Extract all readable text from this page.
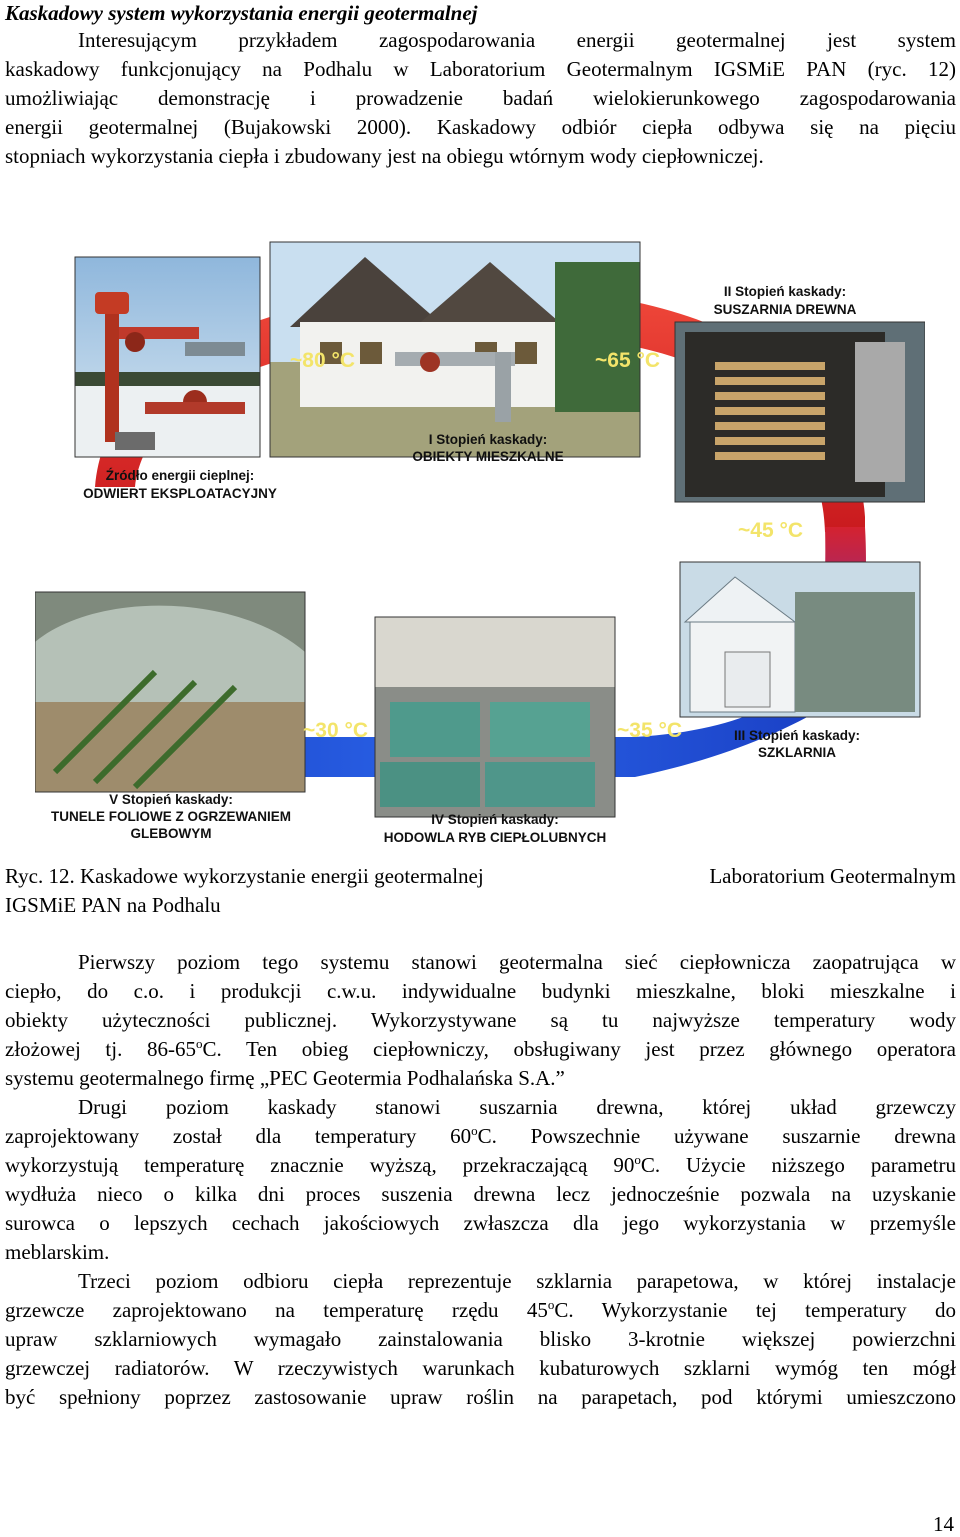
Kaskadowy system wykorzystania energii geotermalnej
Interesującym przykładem zagospodarowania energii geotermalnej jest system
kaskadowy funkcjonujący na Podhalu w Laboratorium Geotermalnym IGSMiE PAN (ryc. 12)
umożliwiając demonstrację i prowadzenie badań wielokierunkowego zagospodarowania
energii geotermalnej (Bujakowski 2000). Kaskadowy odbiór ciepła odbywa się na pięciu
stopniach wykorzystania ciepła i zbudowany jest na obiegu wtórnym wody ciepłowniczej.
~80 °C	~65 °C
~45 °C
~35 °C
~30 °C
Źródło energii cieplnej:
ODWIERT EKSPLOATACYJNY
I Stopień kaskady:
OBIEKTY MIESZKALNE
II Stopień kaskady:
SUSZARNIA DREWNA
III Stopień kaskady:
SZKLARNIA
IV Stopień kaskady:
HODOWLA RYB CIEPŁOLUBNYCH
V Stopień kaskady:
TUNELE FOLIOWE Z OGRZEWANIEM
GLEBOWYM
Ryc. 12. Kaskadowe wykorzystanie energii geotermalnej	Laboratorium Geotermalnym
IGSMiE PAN na Podhalu
Pierwszy poziom tego systemu stanowi geotermalna sieć ciepłownicza zaopatrująca w
ciepło, do c.o. i produkcji c.w.u. indywidualne budynki mieszkalne, bloki mieszkalne i
obiekty użyteczności publicznej. Wykorzystywane są tu najwyższe temperatury wody
złożowej tj. 86-65$^o$C. Ten obieg ciepłowniczy, obsługiwany jest przez głównego operatora
systemu geotermalnego firmę „PEC Geotermia Podhalańska S.A.”
Drugi poziom kaskady stanowi suszarnia drewna, której układ grzewczy
zaprojektowany został dla temperatury 60$^o$C. Powszechnie używane suszarnie drewna
wykorzystują temperaturę znacznie wyższą, przekraczającą 90$^o$C. Użycie niższego parametru
wydłuża nieco o kilka dni proces suszenia drewna lecz jednocześnie pozwala na uzyskanie
surowca o lepszych cechach jakościowych zwłaszcza dla jego wykorzystania w przemyśle
meblarskim.
Trzeci poziom odbioru ciepła reprezentuje szklarnia parapetowa, w której instalacje
grzewcze zaprojektowano na temperaturę rzędu 45$^o$C. Wykorzystanie tej temperatury do
upraw szklarniowych wymagało zainstalowania blisko 3-krotnie większej powierzchni
grzewczej radiatorów. W rzeczywistych warunkach kubaturowych szklarni wymóg ten mógł
być spełniony poprzez zastosowanie upraw roślin na parapetach, pod którymi umieszczono
14
